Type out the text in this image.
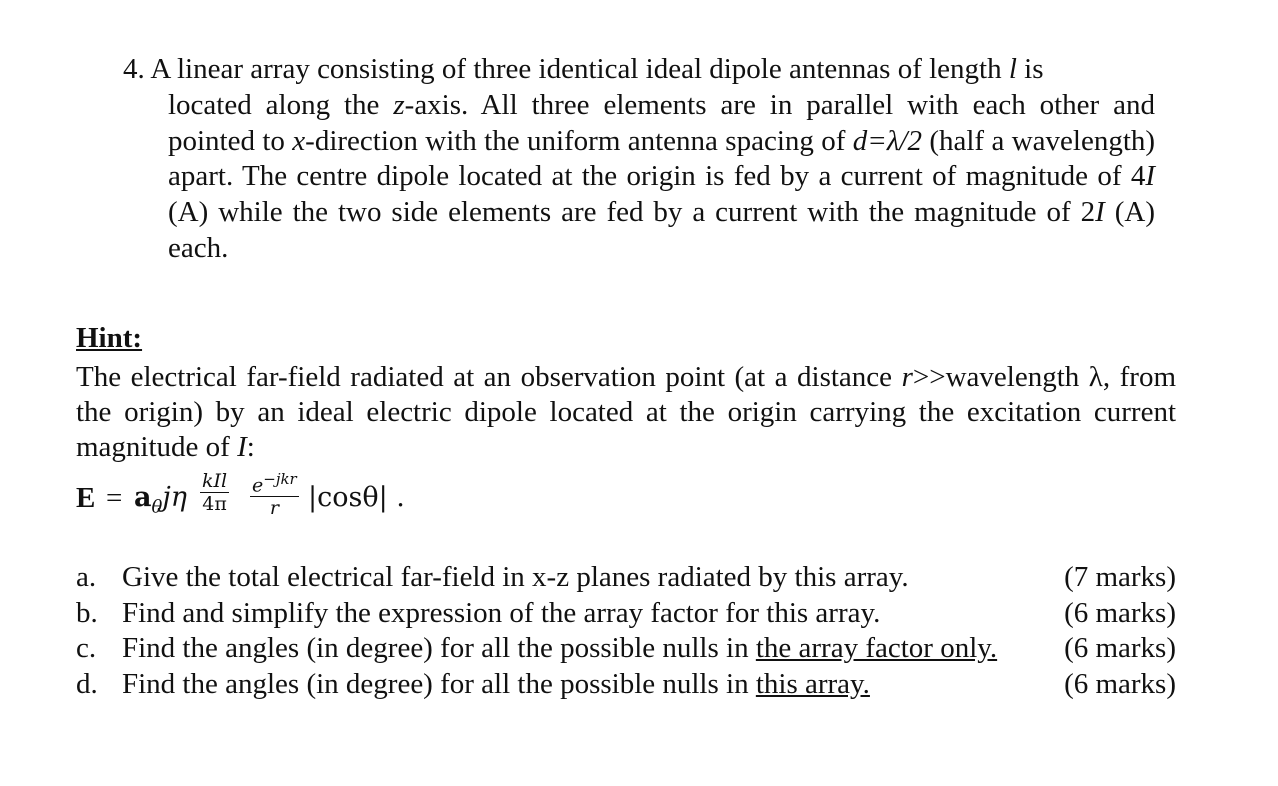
4. A linear array consisting of three identical ideal dipole antennas of length l is
located along the z-axis. All three elements are in parallel with each other and pointed to x-direction with the uniform antenna spacing of d=λ/2 (half a wavelength) apart. The centre dipole located at the origin is fed by a current of magnitude of 4I (A) while the two side elements are fed by a current with the magnitude of 2I (A) each.
Hint:
The electrical far-field radiated at an observation point (at a distance r>>wavelength λ, from the origin) by an ideal electric dipole located at the origin carrying the excitation current magnitude of I:
$E = a_\theta j\eta$
kIl
4π
$e^{-jkr}$
r	|cosθ| .
a. Give the total electrical far-field in x-z planes radiated by this array.	(7 marks)
b. Find and simplify the expression of the array factor for this array.	(6 marks)
c. Find the angles (in degree) for all the possible nulls in the array factor only. (6 marks)
d. Find the angles (in degree) for all the possible nulls in this array.	(6 marks)
